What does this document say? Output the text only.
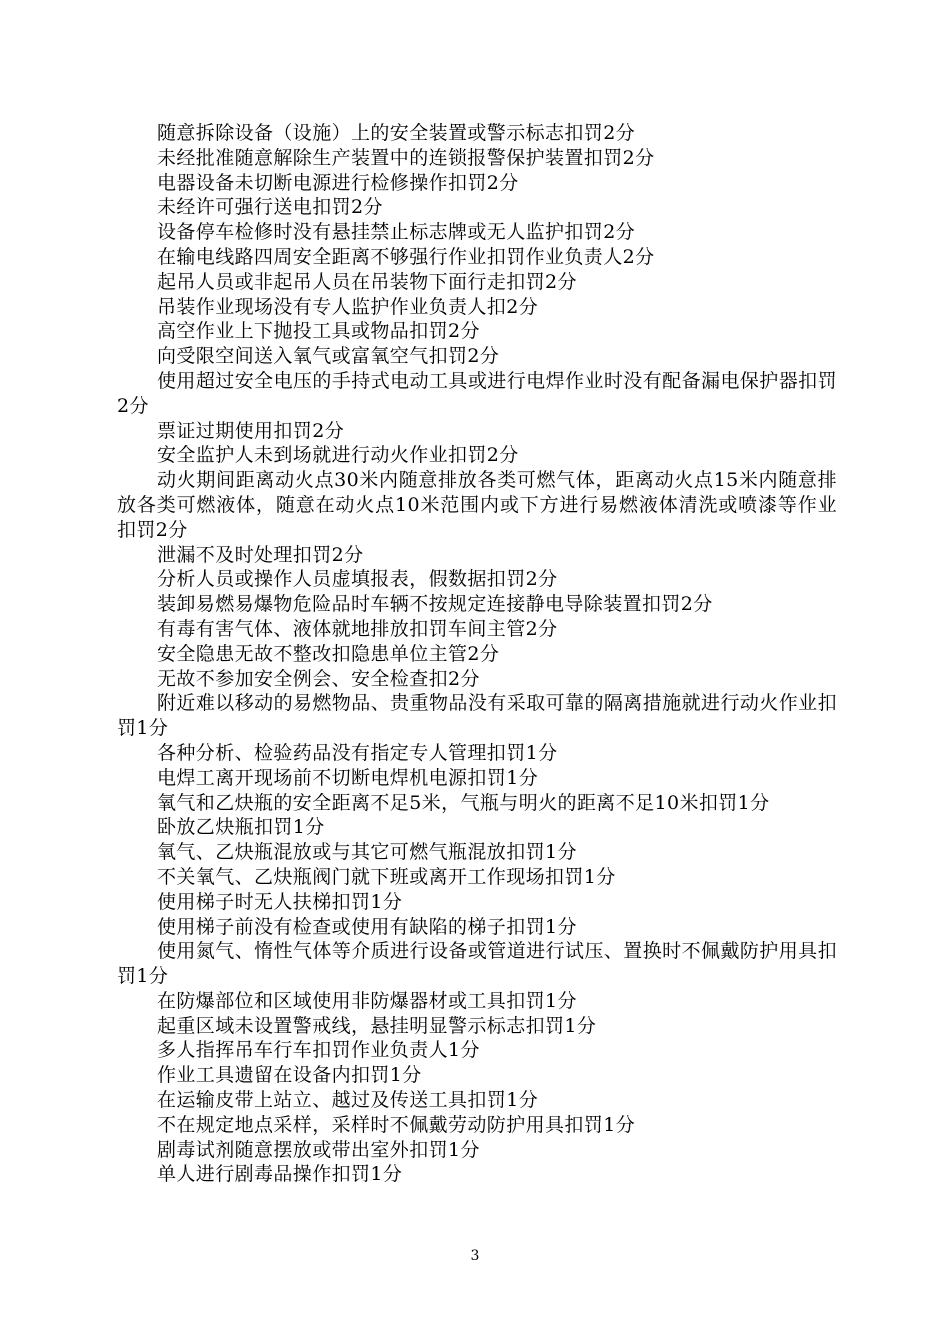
随意拆除设备（设施）上的安全装置或警示标志扣罚2分

未经批准随意解除生产装置中的连锁报警保护装置扣罚2分

电器设备未切断电源进行检修操作扣罚2分

未经许可强行送电扣罚2分

设备停车检修时没有悬挂禁止标志牌或无人监护扣罚2分

在输电线路四周安全距离不够强行作业扣罚作业负责人2分

起吊人员或非起吊人员在吊装物下面行走扣罚2分

吊装作业现场没有专人监护作业负责人扣2分

高空作业上下抛投工具或物品扣罚2分

向受限空间送入氧气或富氧空气扣罚2分

使用超过安全电压的手持式电动工具或进行电焊作业时没有配备漏电保护器扣罚2分

票证过期使用扣罚2分

安全监护人未到场就进行动火作业扣罚2分

动火期间距离动火点30米内随意排放各类可燃气体，距离动火点15米内随意排放各类可燃液体，随意在动火点10米范围内或下方进行易燃液体清洗或喷漆等作业扣罚2分

泄漏不及时处理扣罚2分

分析人员或操作人员虚填报表，假数据扣罚2分

装卸易燃易爆物危险品时车辆不按规定连接静电导除装置扣罚2分

有毒有害气体、液体就地排放扣罚车间主管2分

安全隐患无故不整改扣隐患单位主管2分

无故不参加安全例会、安全检查扣2分

附近难以移动的易燃物品、贵重物品没有采取可靠的隔离措施就进行动火作业扣罚1分

各种分析、检验药品没有指定专人管理扣罚1分

电焊工离开现场前不切断电焊机电源扣罚1分

氧气和乙炔瓶的安全距离不足5米，气瓶与明火的距离不足10米扣罚1分

卧放乙炔瓶扣罚1分

氧气、乙炔瓶混放或与其它可燃气瓶混放扣罚1分

不关氧气、乙炔瓶阀门就下班或离开工作现场扣罚1分

使用梯子时无人扶梯扣罚1分

使用梯子前没有检查或使用有缺陷的梯子扣罚1分

使用氮气、惰性气体等介质进行设备或管道进行试压、置换时不佩戴防护用具扣罚1分

在防爆部位和区域使用非防爆器材或工具扣罚1分

起重区域未设置警戒线，悬挂明显警示标志扣罚1分

多人指挥吊车行车扣罚作业负责人1分

作业工具遗留在设备内扣罚1分

在运输皮带上站立、越过及传送工具扣罚1分

不在规定地点采样，采样时不佩戴劳动防护用具扣罚1分

剧毒试剂随意摆放或带出室外扣罚1分

单人进行剧毒品操作扣罚1分

3
